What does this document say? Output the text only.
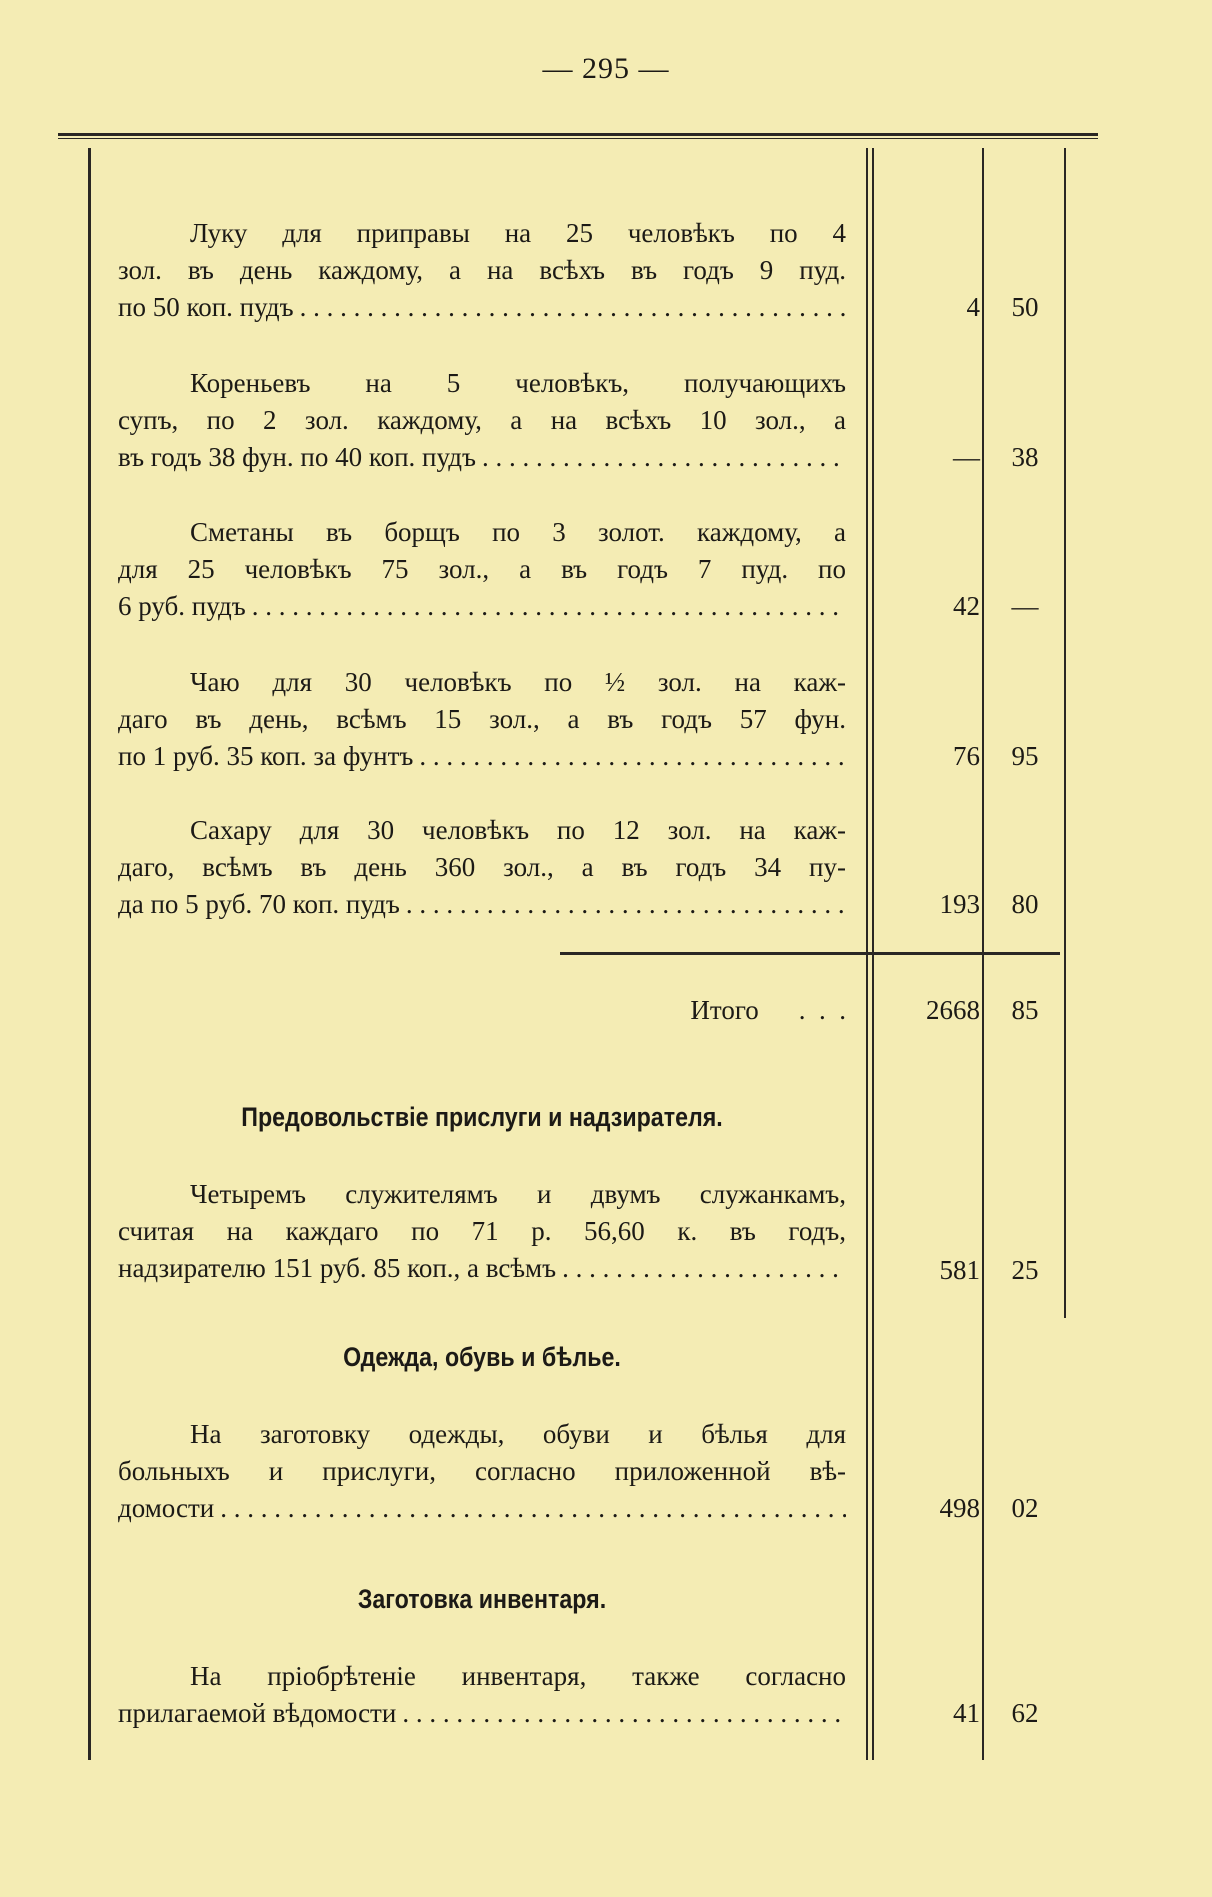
— 295 —

Луку для приправы на 25 человѣкъ по 4

зол. въ день каждому, а на всѣхъ въ годъ 9 пуд.

по 50 коп. пудъ . . .	4	50

Кореньевъ на 5 человѣкъ, получающихъ

супъ, по 2 зол. каждому, а на всѣхъ 10 зол., а

въ годъ 38 фун. по 40 коп. пудъ . . .	—	38

Сметаны въ борщъ по 3 золот. каждому, а

для 25 человѣкъ 75 зол., а въ годъ 7 пуд. по

6 руб. пудъ . . .	42	—

Чаю для 30 человѣкъ по ½ зол. на каж-

даго въ день, всѣмъ 15 зол., а въ годъ 57 фун.

по 1 руб. 35 коп. за фунтъ . . .	76	95

Сахару для 30 человѣкъ по 12 зол. на каж-

даго, всѣмъ въ день 360 зол., а въ годъ 34 пу-

да по 5 руб. 70 коп. пудъ . . .	193	80
Итого .  .  .	2668	85
Предовольствіе прислуги и надзирателя.

Четыремъ служителямъ и двумъ служанкамъ,

считая на каждаго по 71 р. 56,60 к. въ годъ,

надзирателю 151 руб. 85 коп., а всѣмъ . . .	581	25
Одежда, обувь и бѣлье.

На заготовку одежды, обуви и бѣлья для

больныхъ и прислуги, согласно приложенной вѣ-

домости . . .	498	02
Заготовка инвентаря.

На пріобрѣтеніе инвентаря, также согласно

прилагаемой вѣдомости . . .	41	62
